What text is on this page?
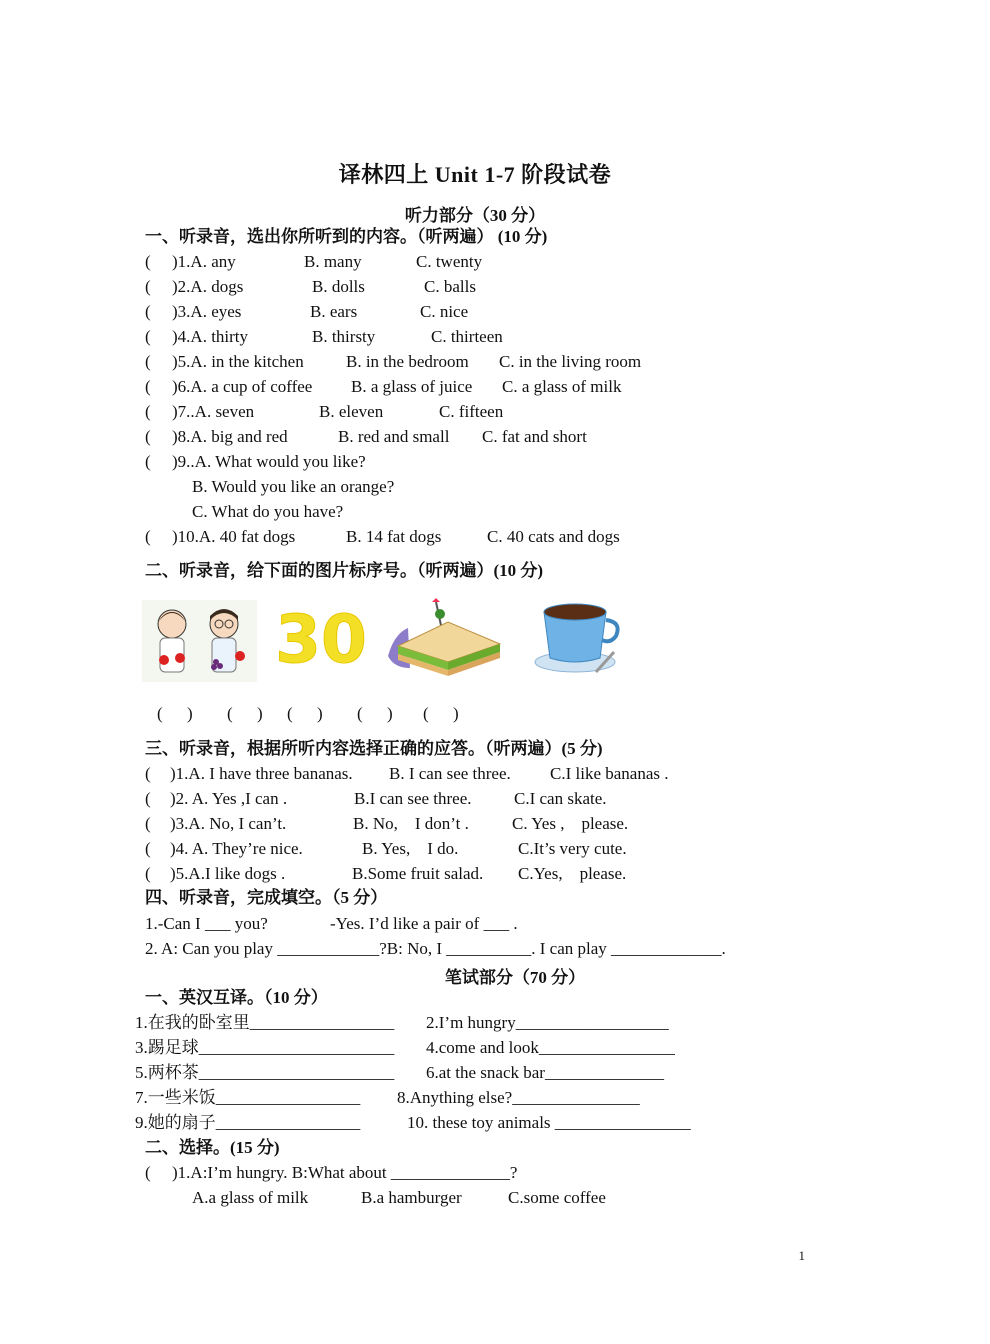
译林四上 Unit 1-7 阶段试卷
听力部分（30 分）
一、听录音，选出你所听到的内容。（听两遍） (10 分)
( )1.A. any	B. many	C. twenty
( )2.A. dogs	B. dolls	C. balls
( )3.A. eyes	B. ears	C. nice
( )4.A. thirty	B. thirsty	C. thirteen
( )5.A. in the kitchen B. in the bedroom C. in the living room
( )6.A. a cup of coffee B. a glass of juice C. a glass of milk
( )7..A. seven	B. eleven	C. fifteen
( )8.A. big and red	B. red and small C. fat and short
( )9..A. What would you like?
B. Would you like an orange?
C. What do you have?
( )10.A. 40 fat dogs	B. 14 fat dogs	C. 40 cats and dogs
二、听录音，给下面的图片标序号。（听两遍）(10 分)
30
( ) ( ) ( ) ( ) ( )
三、听录音，根据所听内容选择正确的应答。（听两遍）(5 分)
( )1.A. I have three bananas. B. I can see three. C.I like bananas .
( )2. A. Yes ,I can .	B.I can see three. C.I can skate.
( )3.A. No, I can’t.	B. No,    I don’t .	C. Yes ,    please.
( )4. A. They’re nice.	B. Yes,    I do.	C.It’s very cute.
( )5.A.I like dogs .	B.Some fruit salad. C.Yes,    please.
四、听录音，完成填空。（5 分）
1.-Can I ___ you?	-Yes. I’d like a pair of ___ .
2. A: Can you play ____________?B: No, I __________. I can play _____________.
笔试部分（70 分）
一、英汉互译。（10 分）
1.在我的卧室里_________________ 2.I’m hungry__________________
3.踢足球_______________________ 4.come and look________________
5.两杯茶_______________________ 6.at the snack bar______________
7.一些米饭_________________ 8.Anything else?_______________
9.她的扇子_________________	10. these toy animals ________________
二、选择。(15 分)
( )1.A:I’m hungry. B:What about ______________?
A.a glass of milk	B.a hamburger	C.some coffee
1
